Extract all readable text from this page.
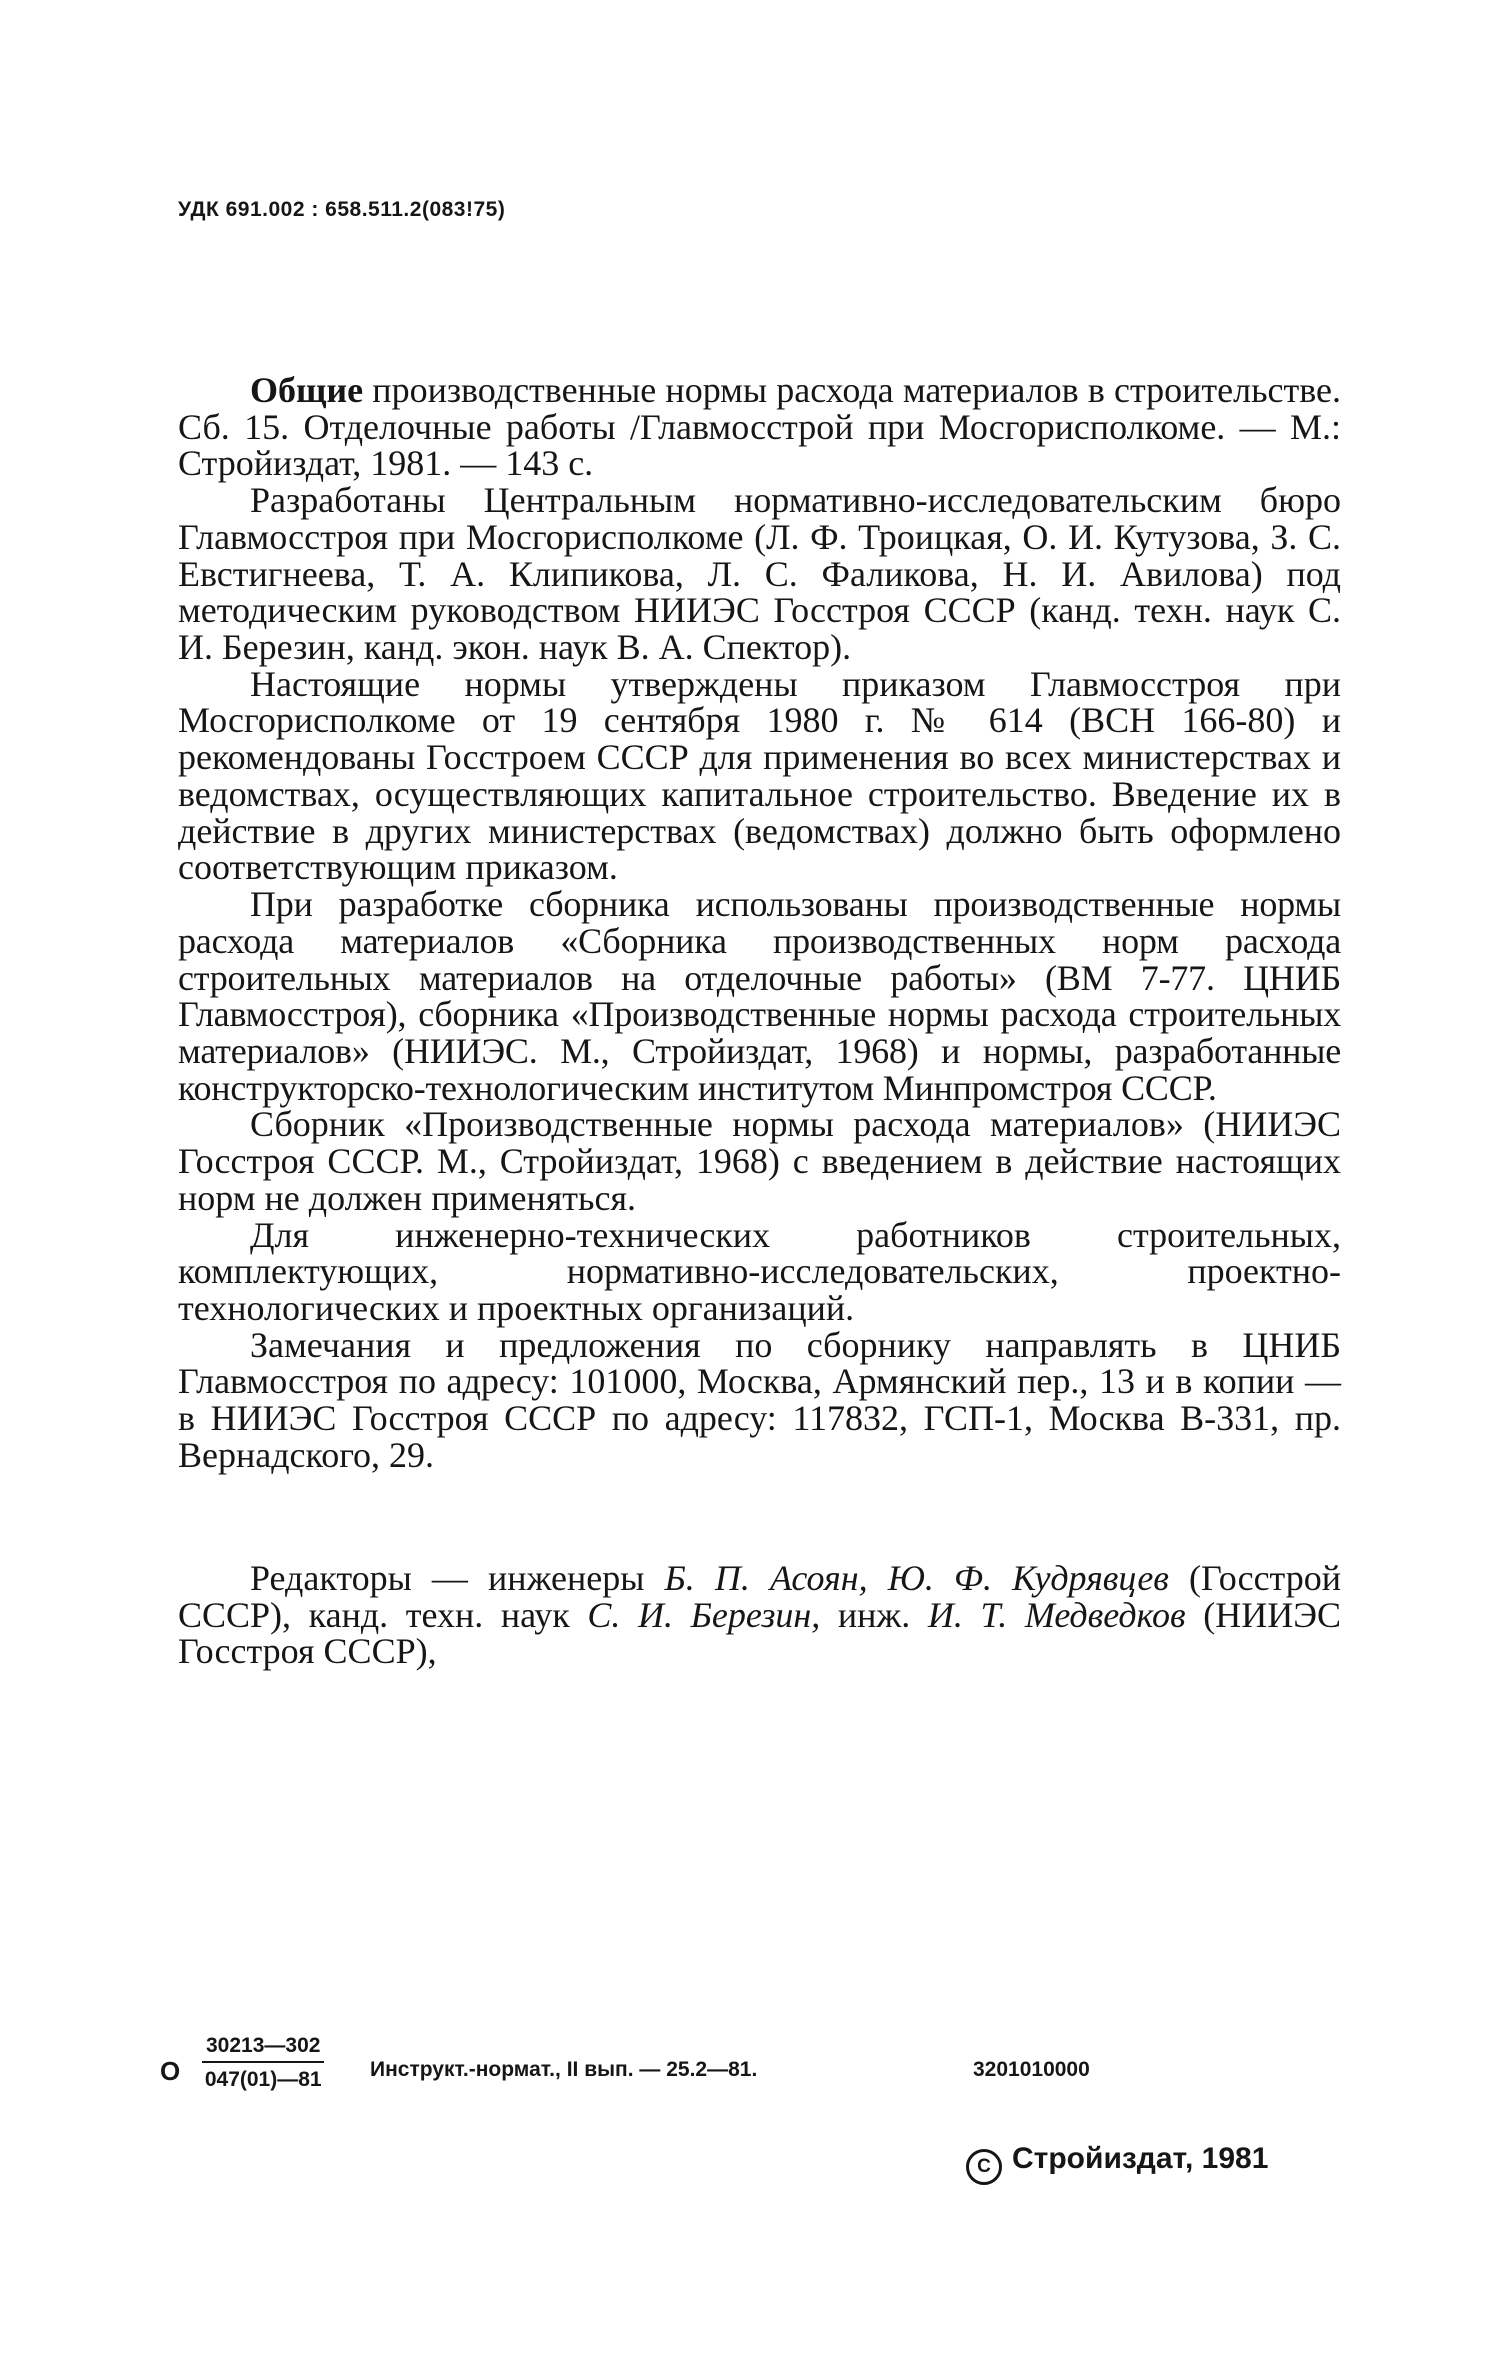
УДК 691.002 : 658.511.2(083!75)

Общие производственные нормы расхода материалов в строительстве. Сб. 15. Отделочные работы /Главмосстрой при Мосгорисполкоме. — М.: Стройиздат, 1981. — 143 с.

Разработаны Центральным нормативно-исследовательским бюро Главмосстроя при Мосгорисполкоме (Л. Ф. Троицкая, О. И. Кутузова, З. С. Евстигнеева, Т. А. Клипикова, Л. С. Фаликова, Н. И. Авилова) под методическим руководством НИИЭС Госстроя СССР (канд. техн. наук С. И. Березин, канд. экон. наук В. А. Спектор).

Настоящие нормы утверждены приказом Главмосстроя при Мосгорисполкоме от 19 сентября 1980 г. № 614 (ВСН 166-80) и рекомендованы Госстроем СССР для применения во всех министерствах и ведомствах, осуществляющих капитальное строительство. Введение их в действие в других министерствах (ведомствах) должно быть оформлено соответствующим приказом.

При разработке сборника использованы производственные нормы расхода материалов «Сборника производственных норм расхода строительных материалов на отделочные работы» (ВМ 7-77. ЦНИБ Главмосстроя), сборника «Производственные нормы расхода строительных материалов» (НИИЭС. М., Стройиздат, 1968) и нормы, разработанные конструкторско-технологическим институтом Минпромстроя СССР.

Сборник «Производственные нормы расхода материалов» (НИИЭС Госстроя СССР. М., Стройиздат, 1968) с введением в действие настоящих норм не должен применяться.

Для инженерно-технических работников строительных, комплектующих, нормативно-исследовательских, проектно-технологических и проектных организаций.

Замечания и предложения по сборнику направлять в ЦНИБ Главмосстроя по адресу: 101000, Москва, Армянский пер., 13 и в копии — в НИИЭС Госстроя СССР по адресу: 117832, ГСП-1, Москва В-331, пр. Вернадского, 29.

Редакторы — инженеры Б. П. Асоян, Ю. Ф. Кудрявцев (Госстрой СССР), канд. техн. наук С. И. Березин, инж. И. Т. Медведков (НИИЭС Госстроя СССР),

О $\frac{30213—302}{047(01)—81}$ Инструкт.-нормат., II вып. — 25.2—81.	3201010000
С Стройиздат, 1981
